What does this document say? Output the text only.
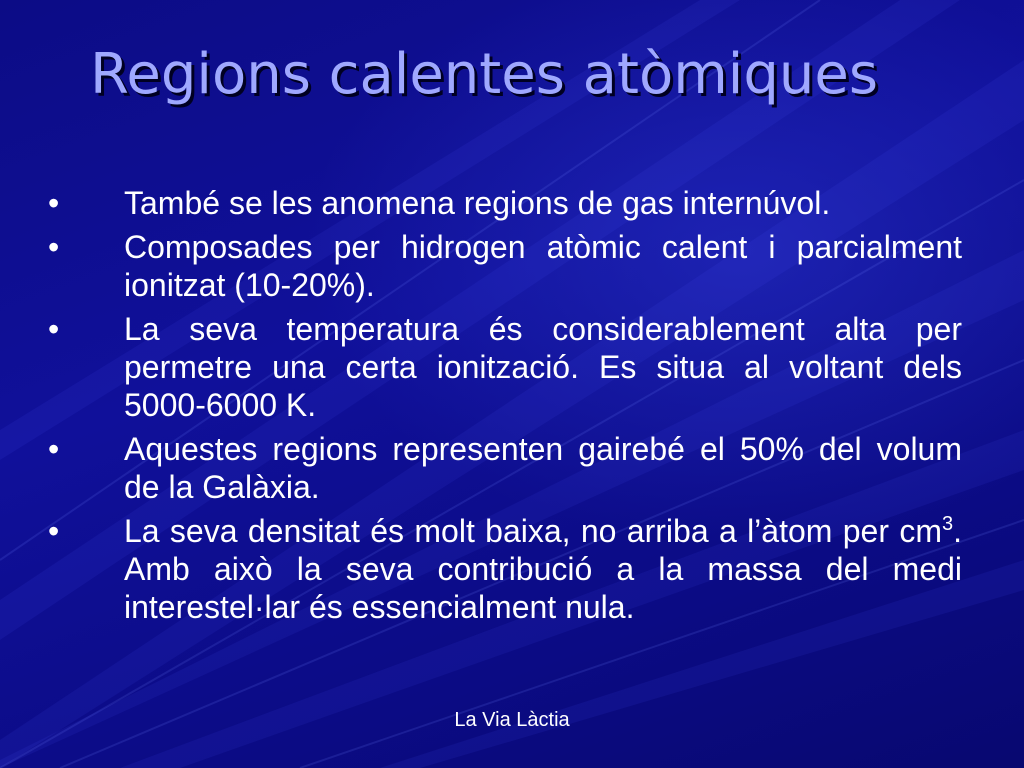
Regions calentes atòmiques
•	També se les anomena regions de gas internúvol.
•	Composades per hidrogen atòmic calent i parcialment ionitzat (10-20%).
•	La seva temperatura és considerablement alta per permetre una certa ionització. Es situa al voltant dels 5000-6000 K.
•	Aquestes regions representen gairebé el 50% del volum de la Galàxia.
•	La seva densitat és molt baixa, no arriba a l’àtom per $cm^3$. Amb això la seva contribució a la massa del medi interestel·lar és essencialment nula.
La Via Làctia
